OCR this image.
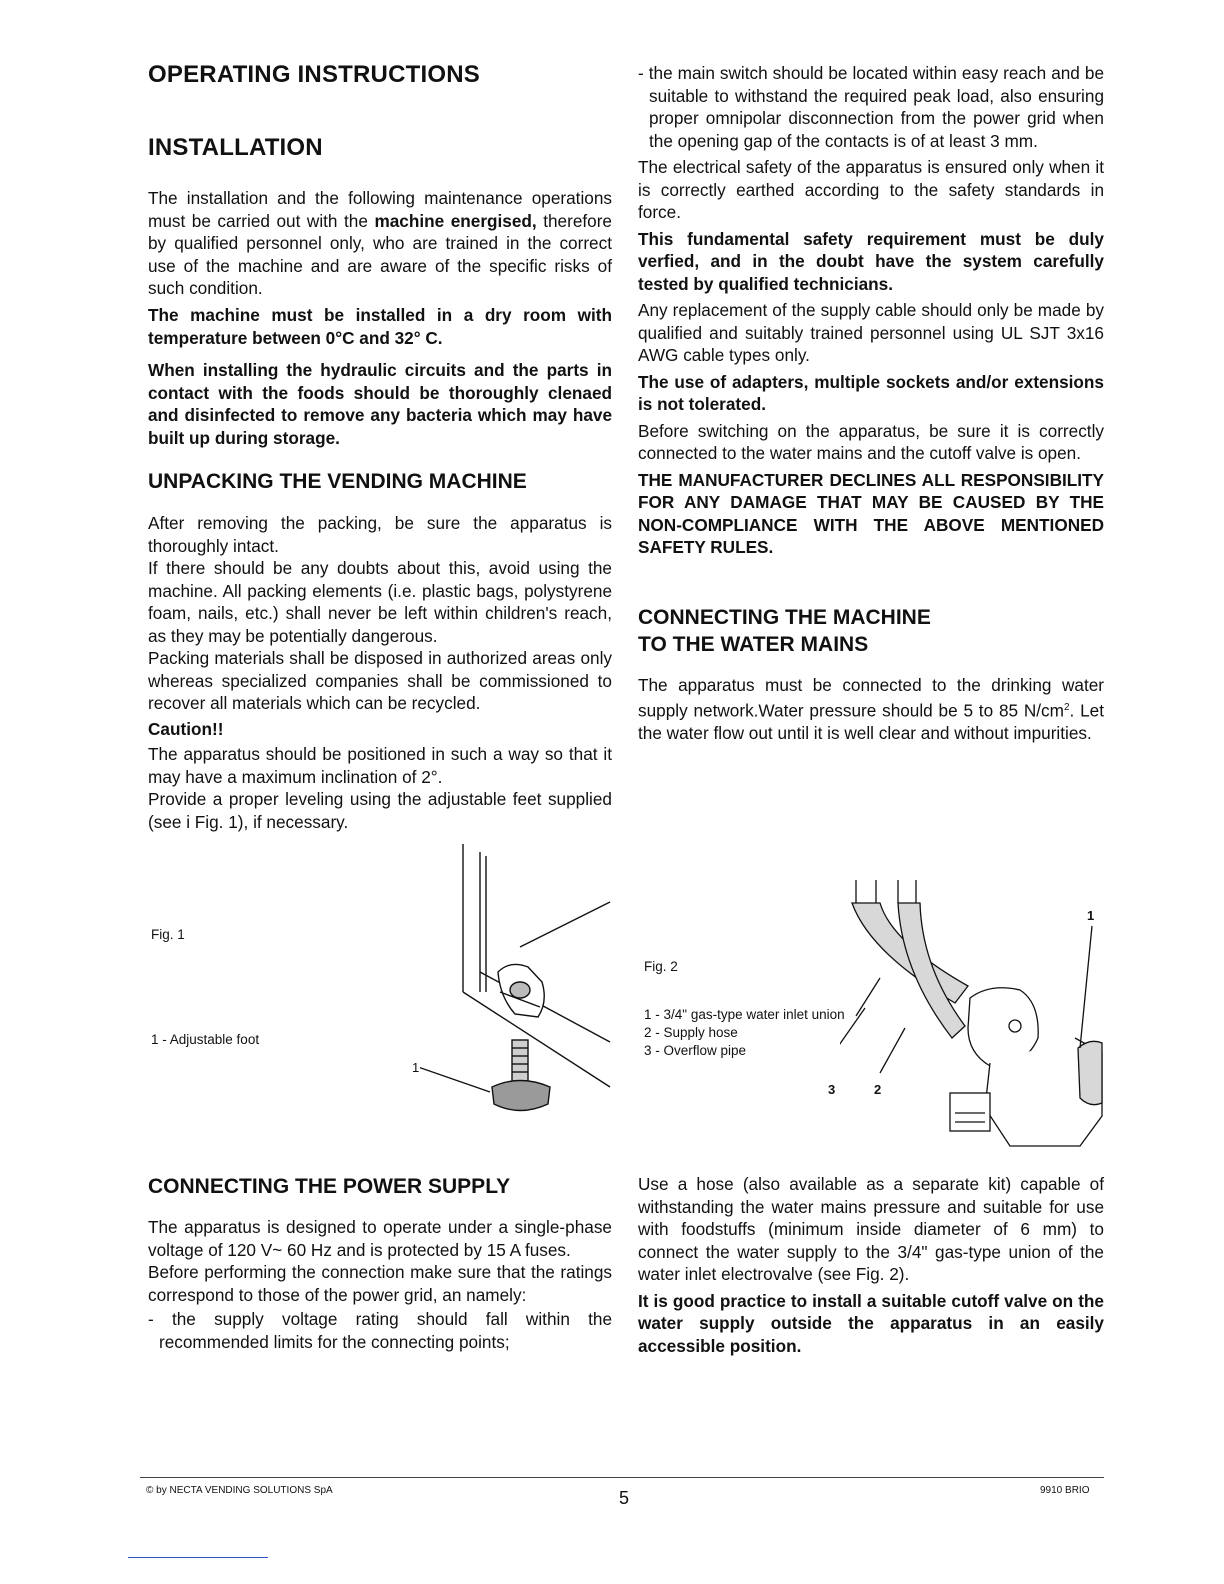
OPERATING INSTRUCTIONS
INSTALLATION

The installation and the following maintenance operations must be carried out with the machine energised, therefore by qualified personnel only, who are trained in the correct use of the machine and are aware of the specific risks of such condition.

The machine must be installed in a dry room with temperature between 0°C and 32° C.

When installing the hydraulic circuits and the parts in contact with the foods should be thoroughly clenaed and disinfected to remove any bacteria which may have built up during storage.

UNPACKING THE VENDING MACHINE

After removing the packing, be sure the apparatus is thoroughly intact.

If there should be any doubts about this, avoid using the machine. All packing elements (i.e. plastic bags, polystyrene foam, nails, etc.) shall never be left within children's reach, as they may be potentially dangerous.

Packing materials shall be disposed in authorized areas only whereas specialized companies shall be commissioned to recover all materials which can be recycled.

Caution!!

The apparatus should be positioned in such a way so that it may have a maximum inclination of 2°.

Provide a proper leveling using the adjustable feet supplied (see i Fig. 1), if necessary.

Fig. 1
1 - Adjustable foot
1
CONNECTING THE POWER SUPPLY

The apparatus is designed to operate under a single-phase voltage of 120 V~ 60 Hz and is protected by 15 A fuses.

Before performing the connection make sure that the ratings correspond to those of the power grid, an namely:

- the supply voltage rating should fall within the recommended limits for the connecting points;

- the main switch should be located within easy reach and be suitable to withstand the required peak load, also ensuring proper omnipolar disconnection from the power grid when the opening gap of the contacts is of at least 3 mm.

The electrical safety of the apparatus is ensured only when it is correctly earthed according to the safety standards in force.

This fundamental safety requirement must be duly verfied, and in the doubt have the system carefully tested by qualified technicians.

Any replacement of the supply cable should only be made by qualified and suitably trained personnel using UL SJT 3x16 AWG cable types only.

The use of adapters, multiple sockets and/or extensions is not tolerated.

Before switching on the apparatus, be sure it is correctly connected to the water mains and the cutoff valve is open.

THE MANUFACTURER DECLINES ALL RESPONSIBILITY FOR ANY DAMAGE THAT MAY BE CAUSED BY THE NON-COMPLIANCE WITH THE ABOVE MENTIONED SAFETY RULES.

CONNECTING THE MACHINE
TO THE WATER MAINS

The apparatus must be connected to the drinking water supply network.Water pressure should be 5 to 85 $N/cm^2$. Let the water flow out until it is well clear and without impurities.

Fig. 2
1 - 3/4" gas-type water inlet union
2 - Supply hose
3 - Overflow pipe
1
3	2

Use a hose (also available as a separate kit) capable of withstanding the water mains pressure and suitable for use with foodstuffs (minimum inside diameter of 6 mm) to connect the water supply to the 3/4" gas-type union of the water inlet electrovalve (see Fig. 2).

It is good practice to install a suitable cutoff valve on the water supply outside the apparatus in an easily accessible position.

© by NECTA VENDING SOLUTIONS SpA	5	9910 BRIO
